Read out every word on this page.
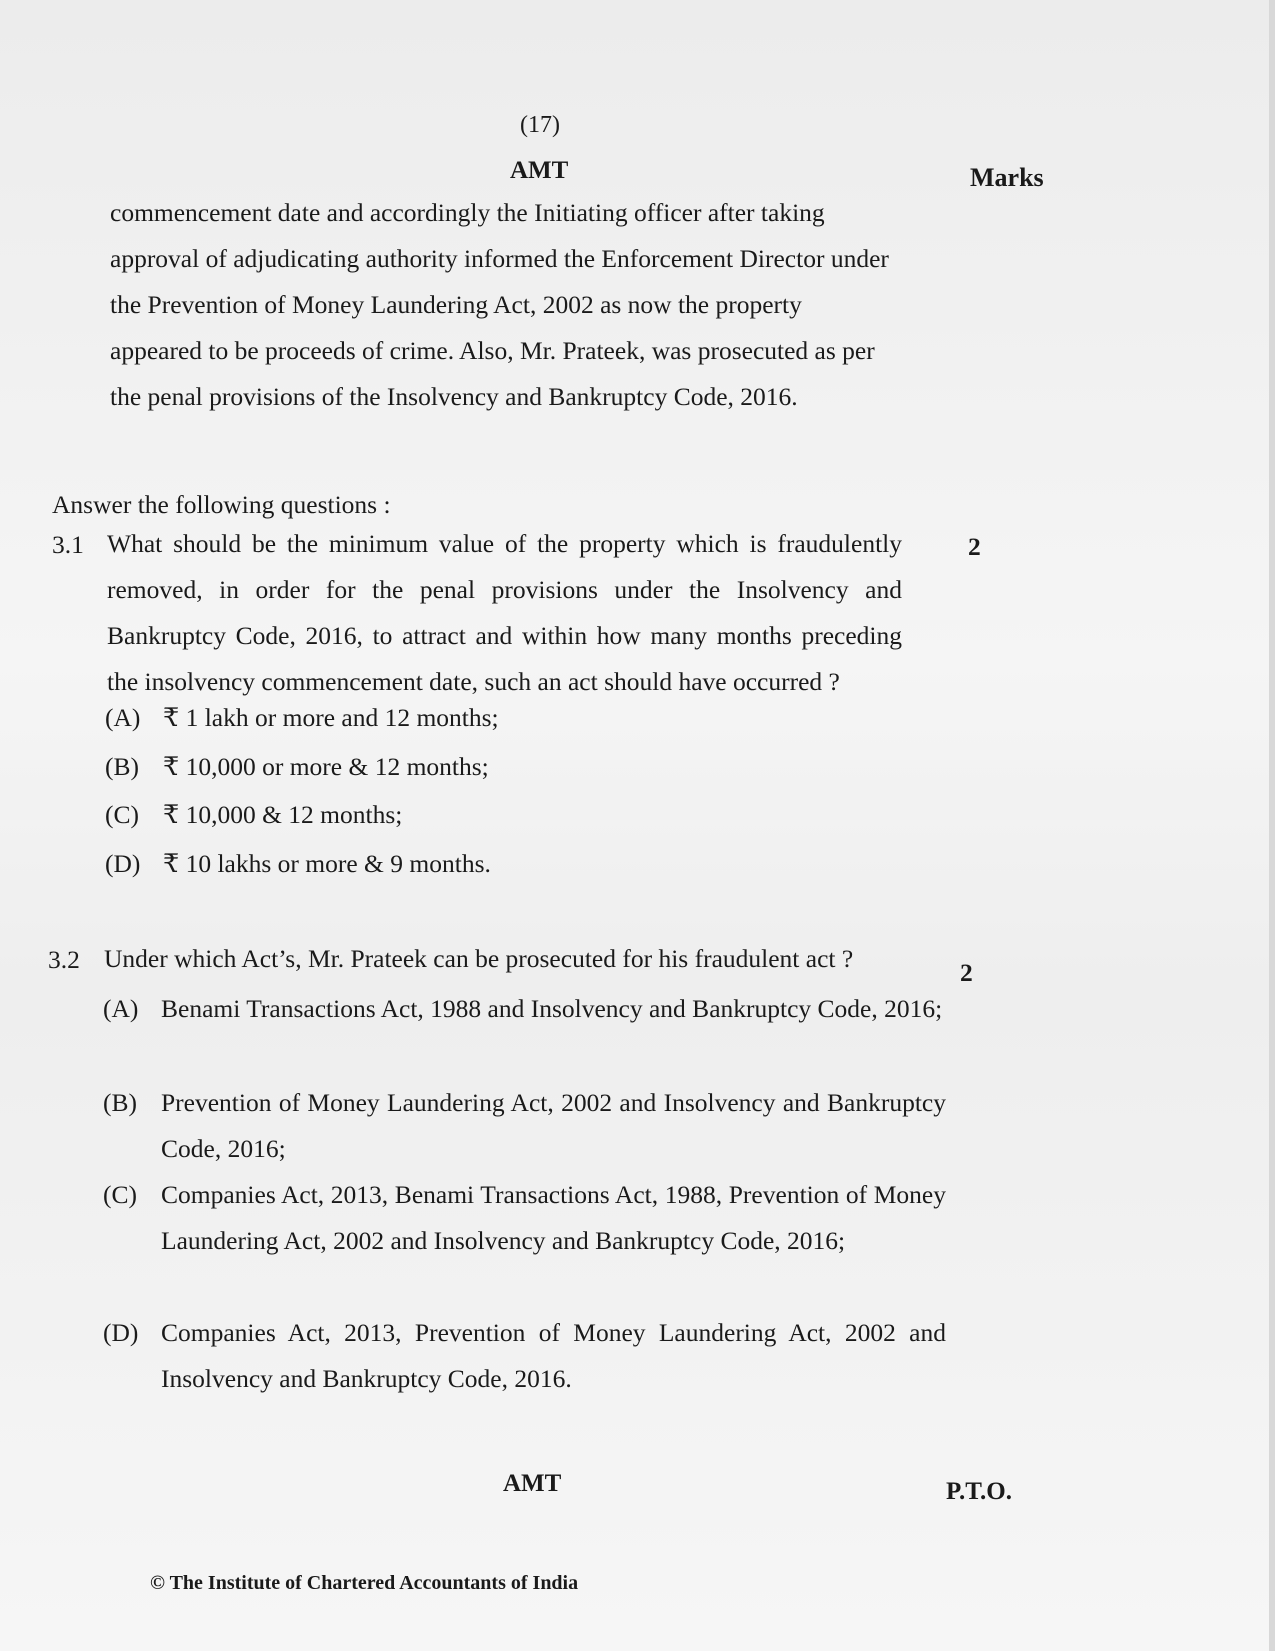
(17)
AMT	Marks

commencement date and accordingly the Initiating officer after taking

approval of adjudicating authority informed the Enforcement Director under

the Prevention of Money Laundering Act, 2002 as now the property

appeared to be proceeds of crime. Also, Mr. Prateek, was prosecuted as per

the penal provisions of the Insolvency and Bankruptcy Code, 2016.

Answer the following questions :
3.1 What should be the minimum value of the property which is fraudulently removed, in order for the penal provisions under the Insolvency and Bankruptcy Code, 2016, to attract and within how many months preceding the insolvency commencement date, such an act should have occurred ?
2
(A) ₹ 1 lakh or more and 12 months;
(B) ₹ 10,000 or more & 12 months;
(C) ₹ 10,000 & 12 months;
(D) ₹ 10 lakhs or more & 9 months.
3.2 Under which Act’s, Mr. Prateek can be prosecuted for his fraudulent act ?	2
(A) Benami Transactions Act, 1988 and Insolvency and Bankruptcy Code, 2016;
(B) Prevention of Money Laundering Act, 2002 and Insolvency and Bankruptcy Code, 2016;
(C) Companies Act, 2013, Benami Transactions Act, 1988, Prevention of Money Laundering Act, 2002 and Insolvency and Bankruptcy Code, 2016;
(D) Companies Act, 2013, Prevention of Money Laundering Act, 2002 and Insolvency and Bankruptcy Code, 2016.
AMT	P.T.O.
© The Institute of Chartered Accountants of India
